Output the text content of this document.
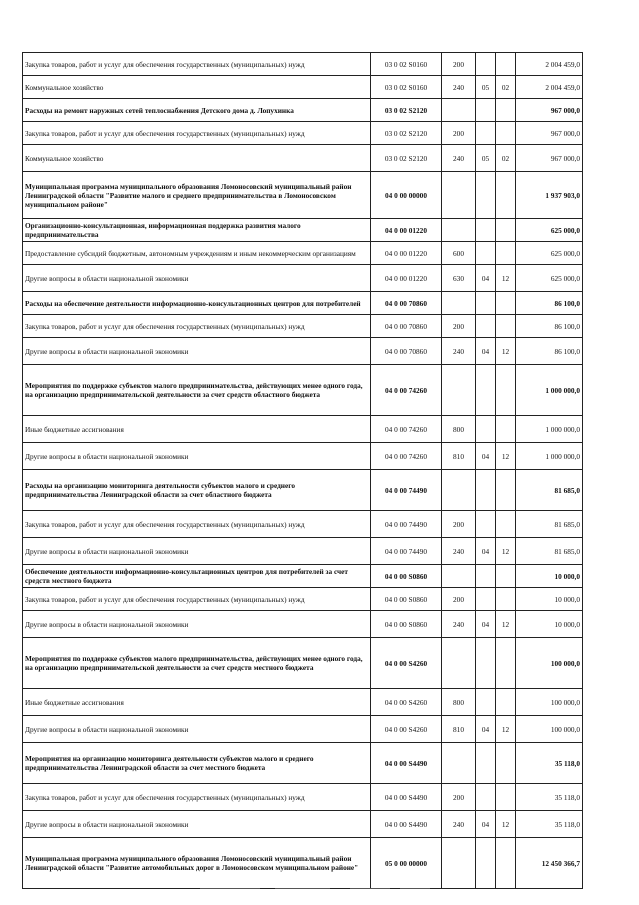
Закупка товаров, работ и услуг для обеспечения государственных (муниципальных) нужд	03 0 02 S0160	200			2 004 459,0
Коммунальное хозяйство	03 0 02 S0160	240	05	02	2 004 459,0
Расходы на ремонт наружных сетей теплоснабжения Детского дома д. Лопухинка	03 0 02 S2120				967 000,0
Закупка товаров, работ и услуг для обеспечения государственных (муниципальных) нужд	03 0 02 S2120	200			967 000,0
Коммунальное хозяйство	03 0 02 S2120	240	05	02	967 000,0
Муниципальная программа муниципального образования Ломоносовский муниципальный район Ленинградской области "Развитие малого и среднего предпринимательства в Ломоносовском муниципальном районе"	04 0 00 00000				1 937 903,0
Организационно-консультационная, информационная поддержка развития малого предпринимательства	04 0 00 01220				625 000,0
Предоставление субсидий бюджетным, автономным учреждениям и иным некоммерческим организациям	04 0 00 01220	600			625 000,0
Другие вопросы в области национальной экономики	04 0 00 01220	630	04	12	625 000,0
Расходы на обеспечение деятельности информационно-консультационных центров для потребителей	04 0 00 70860				86 100,0
Закупка товаров, работ и услуг для обеспечения государственных (муниципальных) нужд	04 0 00 70860	200			86 100,0
Другие вопросы в области национальной экономики	04 0 00 70860	240	04	12	86 100,0
Мероприятия по поддержке субъектов малого предпринимательства, действующих менее одного года, на организацию предпринимательской деятельности за счет средств областного бюджета	04 0 00 74260				1 000 000,0
Иные бюджетные ассигнования	04 0 00 74260	800			1 000 000,0
Другие вопросы в области национальной экономики	04 0 00 74260	810	04	12	1 000 000,0
Расходы на организацию мониторинга деятельности субъектов малого и среднего предпринимательства Ленинградской области за счет областного бюджета	04 0 00 74490				81 685,0
Закупка товаров, работ и услуг для обеспечения государственных (муниципальных) нужд	04 0 00 74490	200			81 685,0
Другие вопросы в области национальной экономики	04 0 00 74490	240	04	12	81 685,0
Обеспечение деятельности информационно-консультационных центров для потребителей за счет средств местного бюджета	04 0 00 S0860				10 000,0
Закупка товаров, работ и услуг для обеспечения государственных (муниципальных) нужд	04 0 00 S0860	200			10 000,0
Другие вопросы в области национальной экономики	04 0 00 S0860	240	04	12	10 000,0
Мероприятия по поддержке субъектов малого предпринимательства, действующих менее одного года, на организацию предпринимательской деятельности за счет средств местного бюджета	04 0 00 S4260				100 000,0
Иные бюджетные ассигнования	04 0 00 S4260	800			100 000,0
Другие вопросы в области национальной экономики	04 0 00 S4260	810	04	12	100 000,0
Мероприятия на организацию мониторинга деятельности субъектов малого и среднего предпринимательства Ленинградской области за счет местного бюджета	04 0 00 S4490				35 118,0
Закупка товаров, работ и услуг для обеспечения государственных (муниципальных) нужд	04 0 00 S4490	200			35 118,0
Другие вопросы в области национальной экономики	04 0 00 S4490	240	04	12	35 118,0
Муниципальная программа муниципального образования Ломоносовский муниципальный район Ленинградской области "Развитие автомобильных дорог в Ломоносовском муниципальном районе"	05 0 00 00000				12 450 366,7
